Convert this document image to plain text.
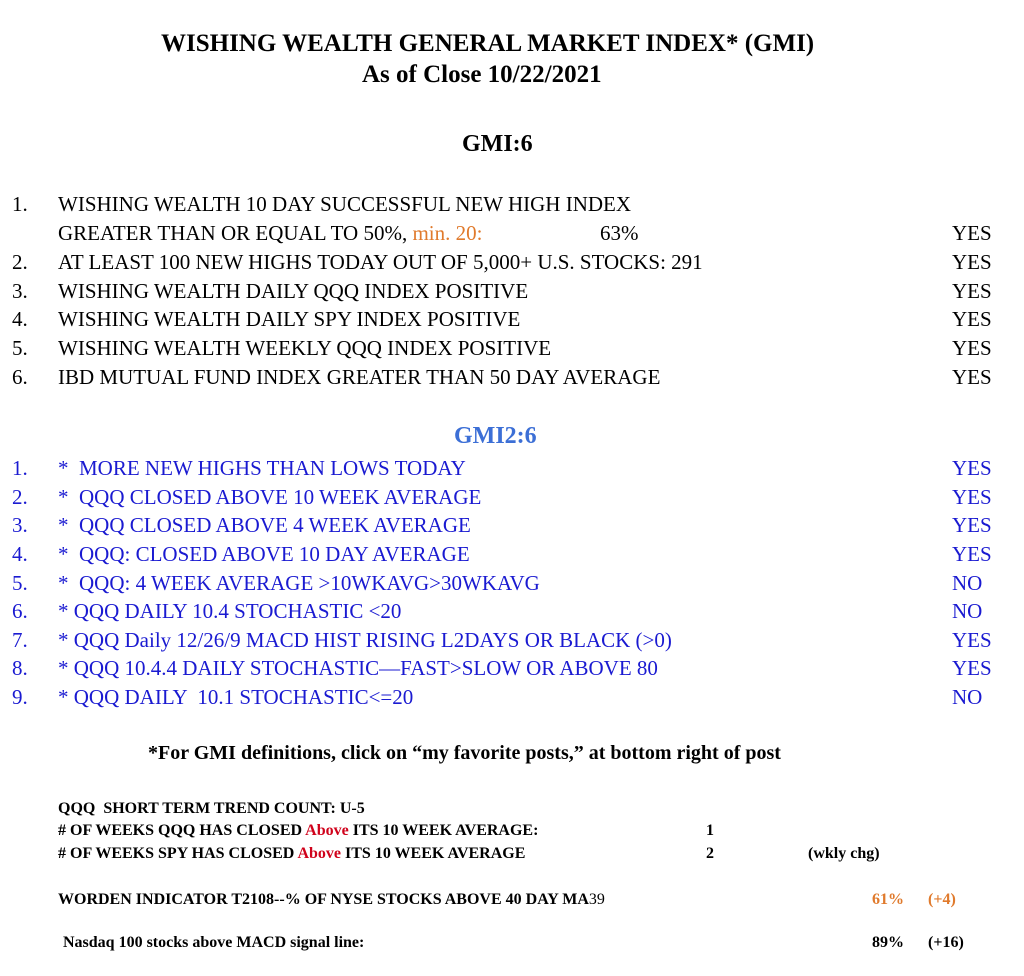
WISHING WEALTH GENERAL MARKET INDEX* (GMI)
As of Close 10/22/2021
GMI:6
1. WISHING WEALTH 10 DAY SUCCESSFUL NEW HIGH INDEX
GREATER THAN OR EQUAL TO 50%, min. 20:	63%	YES
2. AT LEAST 100 NEW HIGHS TODAY OUT OF 5,000+ U.S. STOCKS: 291	YES
3. WISHING WEALTH DAILY QQQ INDEX POSITIVE	YES
4. WISHING WEALTH DAILY SPY INDEX POSITIVE	YES
5. WISHING WEALTH WEEKLY QQQ INDEX POSITIVE	YES
6. IBD MUTUAL FUND INDEX GREATER THAN 50 DAY AVERAGE	YES
GMI2:6
1. *  MORE NEW HIGHS THAN LOWS TODAY	YES
2. *  QQQ CLOSED ABOVE 10 WEEK AVERAGE	YES
3. *  QQQ CLOSED ABOVE 4 WEEK AVERAGE	YES
4. *  QQQ: CLOSED ABOVE 10 DAY AVERAGE	YES
5. *  QQQ: 4 WEEK AVERAGE >10WKAVG>30WKAVG	NO
6. * QQQ DAILY 10.4 STOCHASTIC <20	NO
7. * QQQ Daily 12/26/9 MACD HIST RISING L2DAYS OR BLACK (>0)	YES
8. * QQQ 10.4.4 DAILY STOCHASTIC—FAST>SLOW OR ABOVE 80	YES
9. * QQQ DAILY  10.1 STOCHASTIC<=20	NO
*For GMI definitions, click on “my favorite posts,” at bottom right of post
QQQ  SHORT TERM TREND COUNT: U-5
# OF WEEKS QQQ HAS CLOSED Above ITS 10 WEEK AVERAGE:	1
# OF WEEKS SPY HAS CLOSED Above ITS 10 WEEK AVERAGE	2	(wkly chg)
WORDEN INDICATOR T2108--% OF NYSE STOCKS ABOVE 40 DAY MA39	61% (+4)
Nasdaq 100 stocks above MACD signal line:	89% (+16)
